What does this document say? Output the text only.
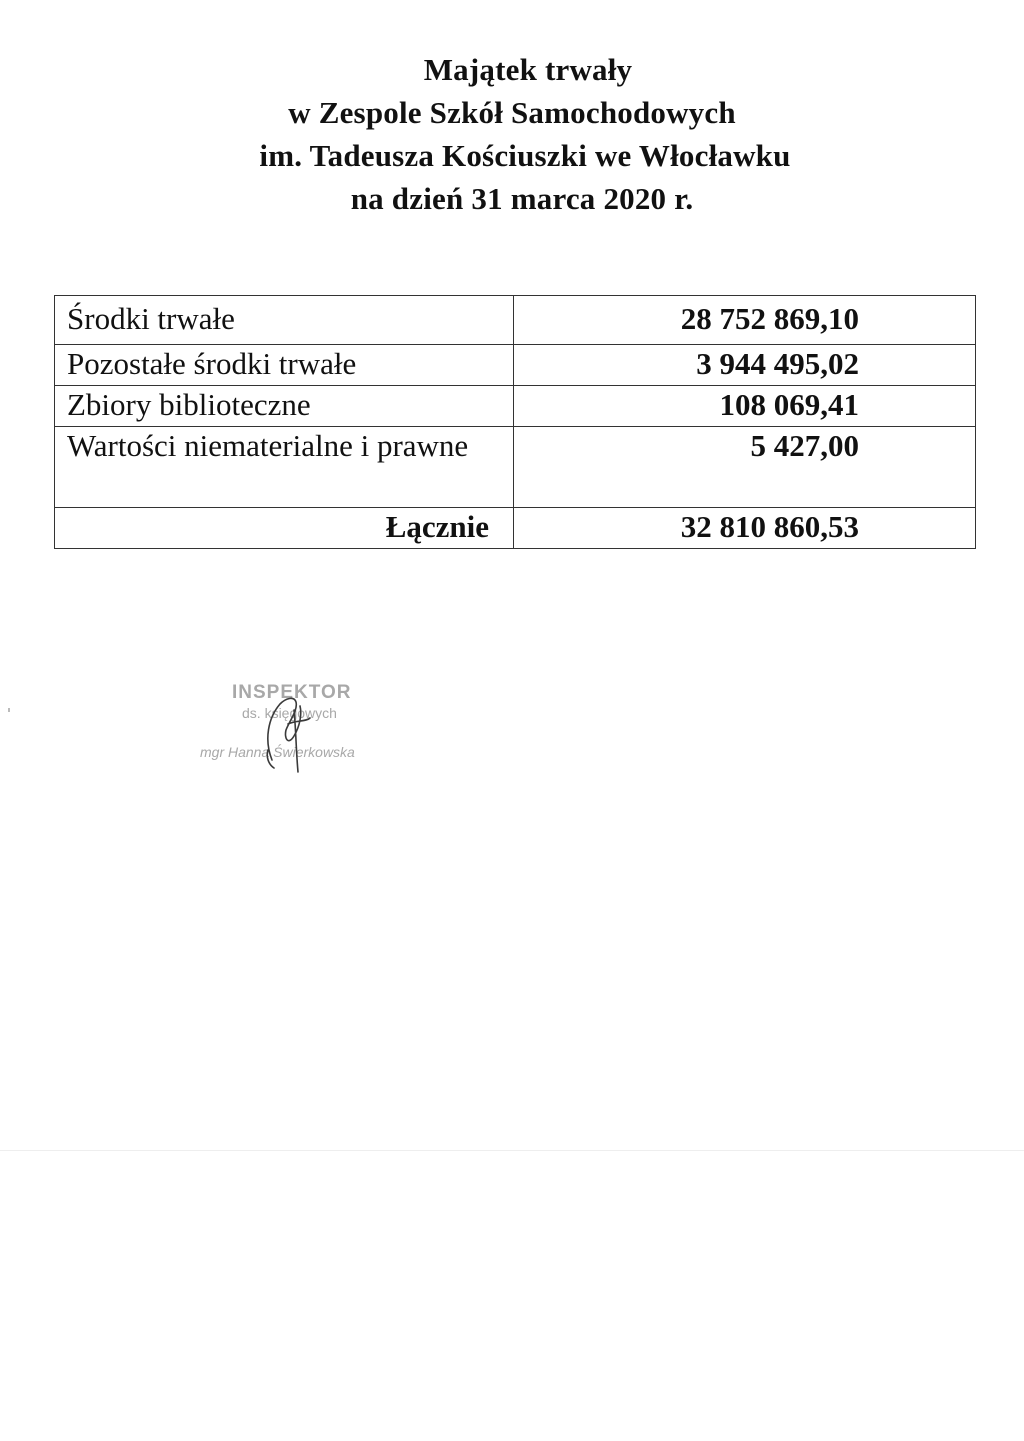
Majątek trwały

w Zespole Szkół Samochodowych

im. Tadeusza Kościuszki we Włocławku

na dzień 31 marca 2020 r.

Środki trwałe	28 752 869,10
Pozostałe środki trwałe	3 944 495,02
Zbiory biblioteczne	108 069,41
Wartości niematerialne i prawne	5 427,00
Łącznie	32 810 860,53
INSPEKTOR
ds. księgowych
mgr Hanna Świerkowska
